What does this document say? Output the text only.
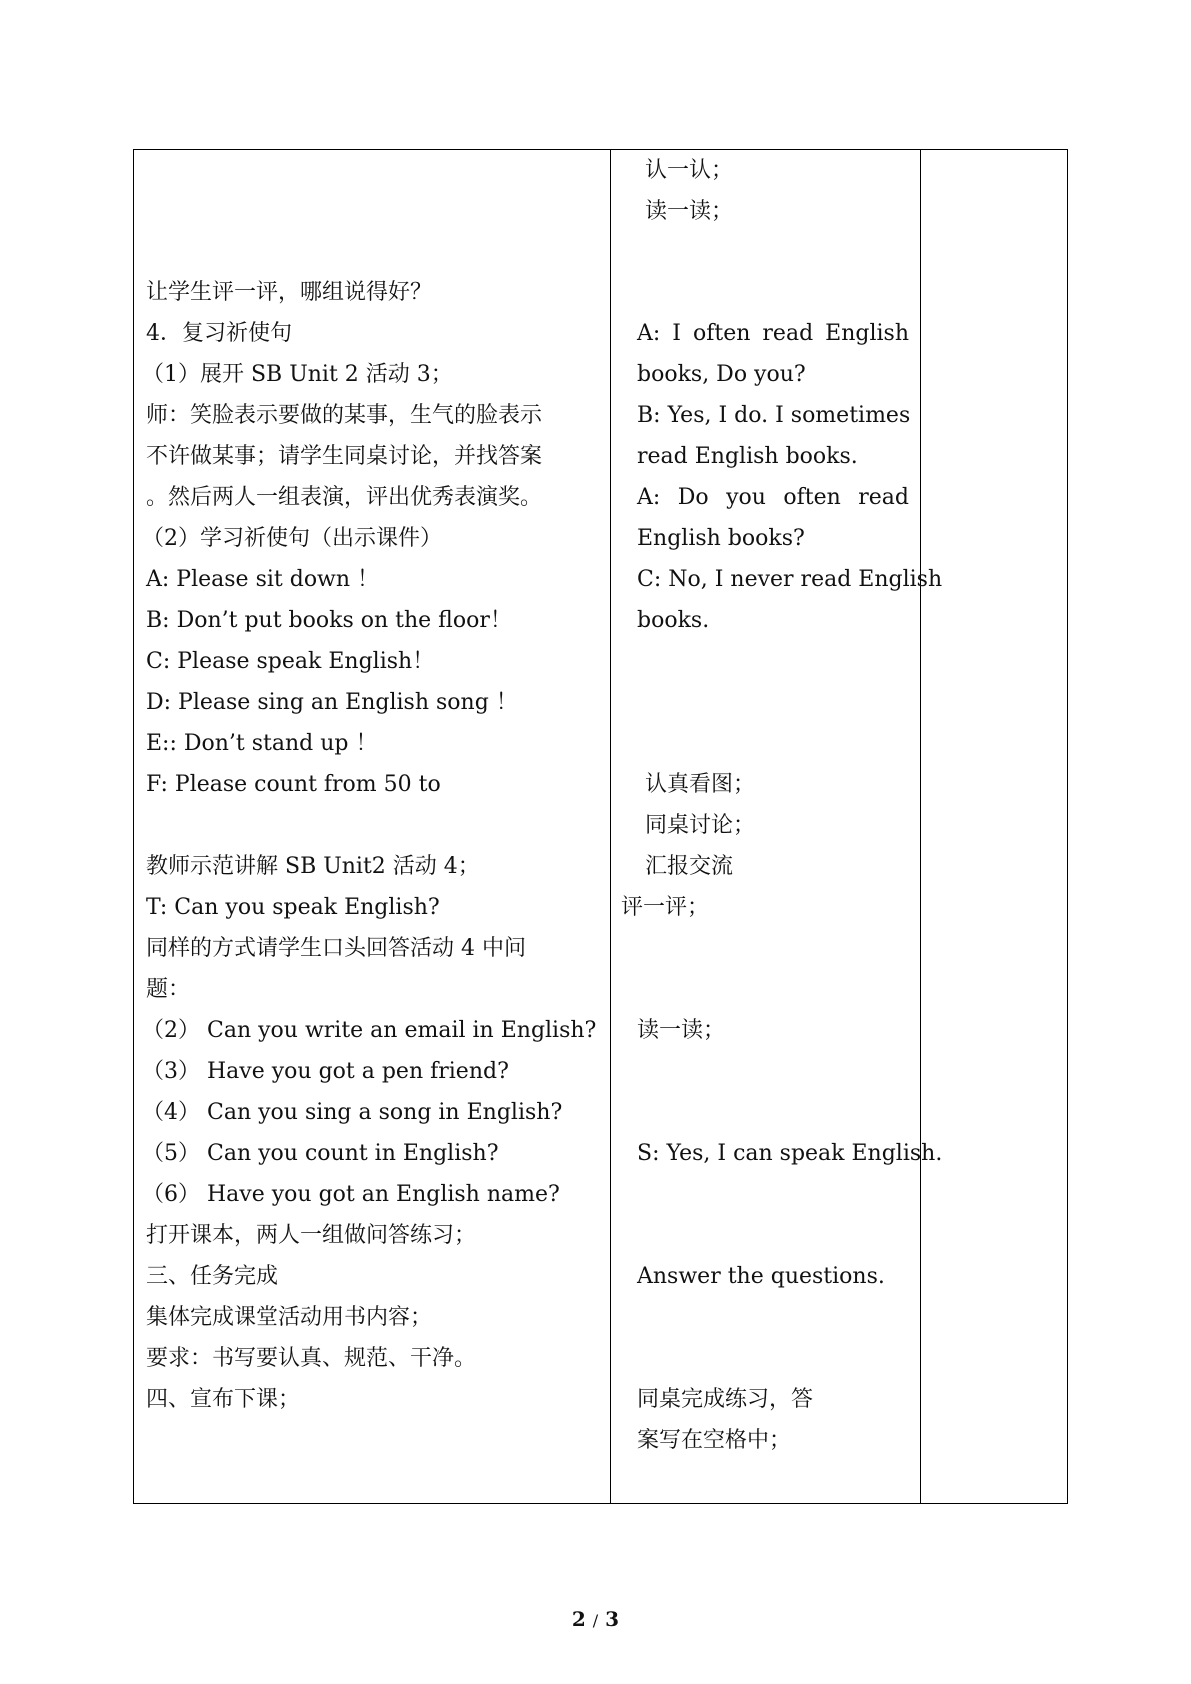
让学生评一评，哪组说得好？
4．复习祈使句
（1）展开 SB Unit 2 活动 3；
师：笑脸表示要做的某事，生气的脸表示
不许做某事；请学生同桌讨论，并找答案
。然后两人一组表演，评出优秀表演奖。
（2）学习祈使句（出示课件）
A: Please sit down ！
B: Don’t put books on the floor！
C: Please speak English！
D: Please sing an English song ！
E:: Don’t stand up ！
F: Please count from 50 to
教师示范讲解 SB Unit2 活动 4；
T: Can you speak English?
同样的方式请学生口头回答活动 4 中问
题：
（2） Can you write an email in English?
（3） Have you got a pen friend?
（4） Can you sing a song in English?
（5） Can you count in English?
（6） Have you got an English name?
打开课本，两人一组做问答练习；
三、任务完成
集体完成课堂活动用书内容；
要求：书写要认真、规范、干净。
四、宣布下课；
认一认；
读一读；
A: I often read English
books, Do you?
B: Yes, I do. I sometimes
read English books.
A: Do you often read
English books?
C: No, I never read English
books.
认真看图；
同桌讨论；
汇报交流
评一评；
读一读；
S: Yes, I can speak English.
Answer the questions.
同桌完成练习，答
案写在空格中；
2 / 3
